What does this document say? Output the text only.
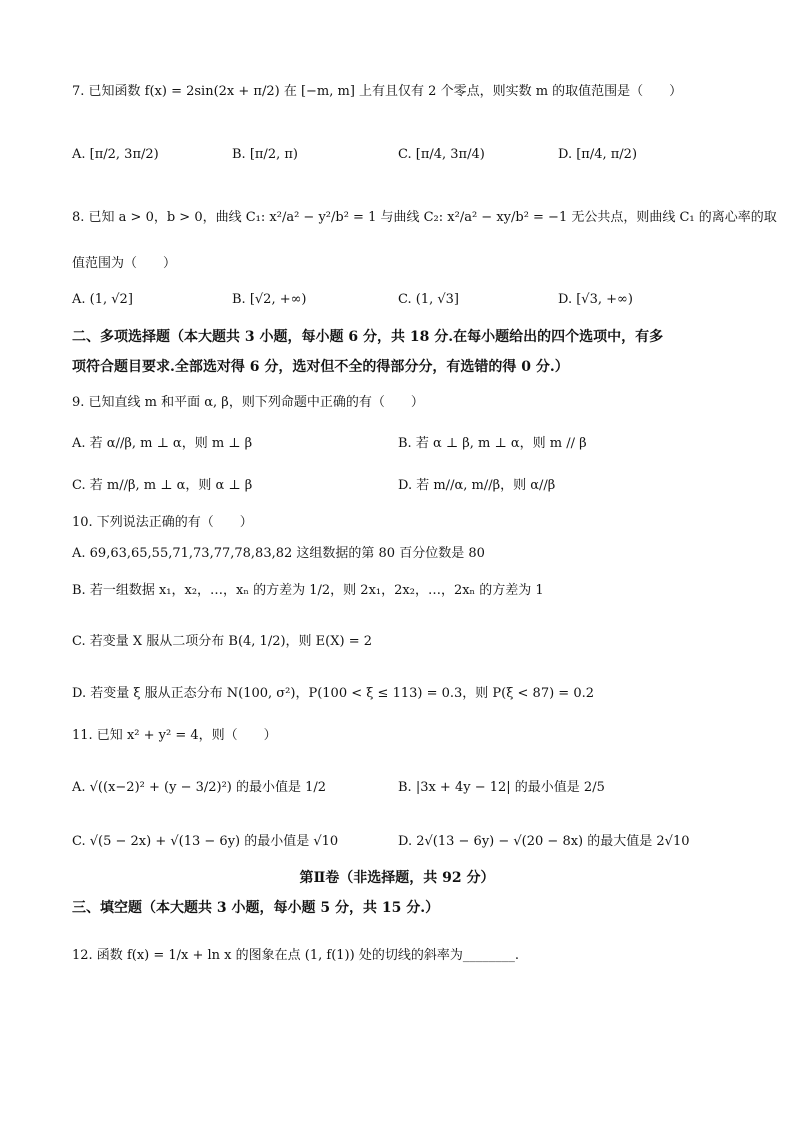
7. 已知函数 f(x) = 2sin(2x + π/2) 在 [−m, m] 上有且仅有 2 个零点，则实数 m 的取值范围是（　　）
A. [π/2, 3π/2)	B. [π/2, π)	C. [π/4, 3π/4)	D. [π/4, π/2)
8. 已知 a > 0，b > 0，曲线 C₁: x²/a² − y²/b² = 1 与曲线 C₂: x²/a² − xy/b² = −1 无公共点，则曲线 C₁ 的离心率的取
值范围为（　　）
A. (1, √2]	B. [√2, +∞)	C. (1, √3]	D. [√3, +∞)
二、多项选择题（本大题共 3 小题，每小题 6 分，共 18 分.在每小题给出的四个选项中，有多
项符合题目要求.全部选对得 6 分，选对但不全的得部分分，有选错的得 0 分.）
9. 已知直线 m 和平面 α, β，则下列命题中正确的有（　　）
A. 若 α//β, m ⊥ α，则 m ⊥ β	B. 若 α ⊥ β, m ⊥ α，则 m // β
C. 若 m//β, m ⊥ α，则 α ⊥ β	D. 若 m//α, m//β，则 α//β
10. 下列说法正确的有（　　）
A. 69,63,65,55,71,73,77,78,83,82 这组数据的第 80 百分位数是 80
B. 若一组数据 x₁，x₂，…，xₙ 的方差为 1/2，则 2x₁，2x₂，…，2xₙ 的方差为 1
C. 若变量 X 服从二项分布 B(4, 1/2)，则 E(X) = 2
D. 若变量 ξ 服从正态分布 N(100, σ²)，P(100 < ξ ≤ 113) = 0.3，则 P(ξ < 87) = 0.2
11. 已知 x² + y² = 4，则（　　）
A. √((x−2)² + (y − 3/2)²) 的最小值是 1/2	B. |3x + 4y − 12| 的最小值是 2/5
C. √(5 − 2x) + √(13 − 6y) 的最小值是 √10	D. 2√(13 − 6y) − √(20 − 8x) 的最大值是 2√10
第Ⅱ卷（非选择题，共 92 分）
三、填空题（本大题共 3 小题，每小题 5 分，共 15 分.）
12. 函数 f(x) = 1/x + ln x 的图象在点 (1, f(1)) 处的切线的斜率为________.
